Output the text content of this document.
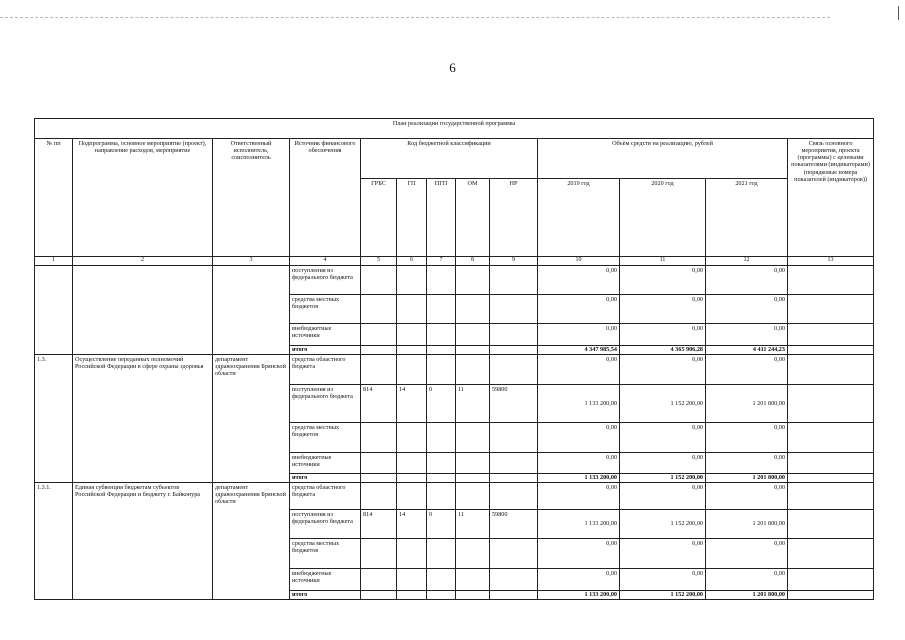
6
План реализации государственной программы												
№ пп	Подпрограмма, основное мероприятие (проект), направление расходов, мероприятие	Ответственный исполнитель, соисполнитель	Источник финансового обеспечения	Код бюджетной классификации					Объём средств на реализацию, рублей			Связь основного мероприятия, проекта (программы) с целевыми показателями (индикаторами) (порядковые номера показателей (индикаторов))
				ГРБС	ГП	ПГП	ОМ	НР	2019 год	2020 год	2021 год	
1	2	3	4	5	6	7	8	9	10	11	12	13
			поступления из федерального бюджета						0,00	0,00	0,00	
			средства местных бюджетов						0,00	0,00	0,00	
			внебюджетные источники						0,00	0,00	0,00	
			итого						4 347 985,54	4 365 906,28	4 411 244,23	
1.3.	Осуществление переданных полномочий Российской Федерации в сфере охраны здоровья	департамент здравоохранения Брянской области	средства областного бюджета						0,00	0,00	0,00	
			поступления из федерального бюджета	814	14	0	11	59800	1 133 200,00	1 152 200,00	1 201 800,00	
			средства местных бюджетов						0,00	0,00	0,00	
			внебюджетные источники						0,00	0,00	0,00	
			итого						1 133 200,00	1 152 200,00	1 201 800,00	
1.3.1.	Единая субвенция бюджетам субъектов Российской Федерации и бюджету г. Байконура	департамент здравоохранения Брянской области	средства областного бюджета						0,00	0,00	0,00	
			поступления из федерального бюджета	814	14	0	11	59800	1 133 200,00	1 152 200,00	1 201 800,00	
			средства местных бюджетов						0,00	0,00	0,00	
			внебюджетные источники						0,00	0,00	0,00	
			итого						1 133 200,00	1 152 200,00	1 201 800,00	
